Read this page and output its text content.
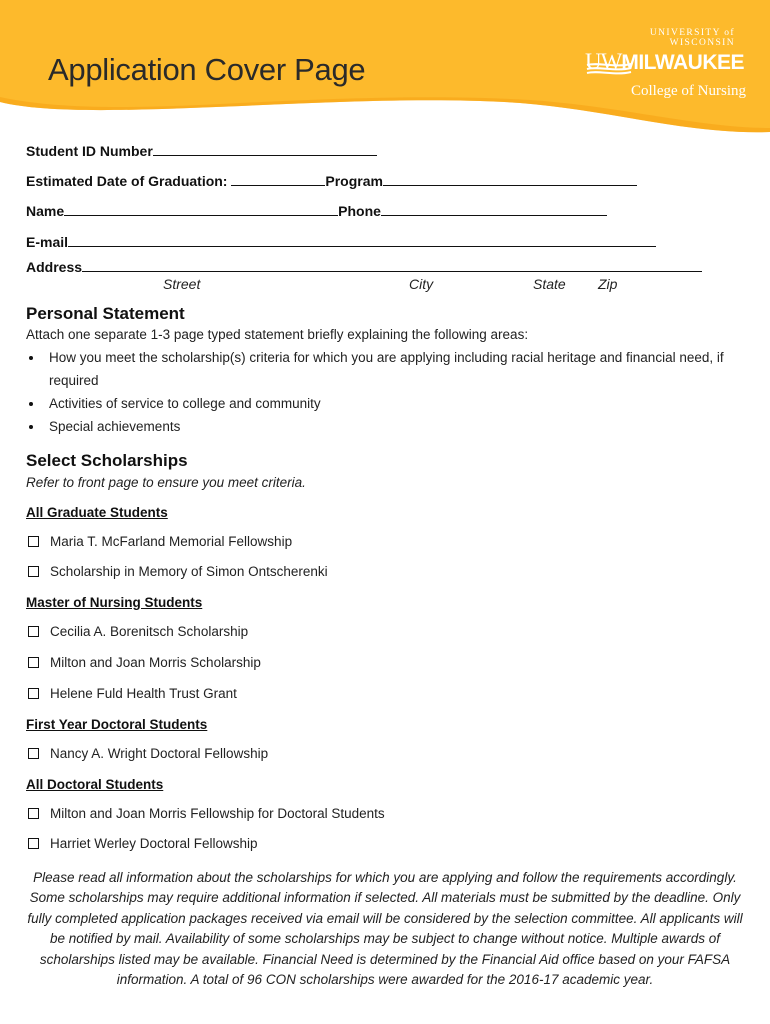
Application Cover Page
UNIVERSITY of WISCONSIN
UWMILWAUKEE
College of Nursing
Student ID Number
Estimated Date of Graduation:	Program
Name	Phone
E-mail
Address
Street	City	State Zip
Personal Statement
Attach one separate 1-3 page typed statement briefly explaining the following areas:
How you meet the scholarship(s) criteria for which you are applying including racial heritage and financial need, if required
Activities of service to college and community
Special achievements
Select Scholarships
Refer to front page to ensure you meet criteria.
All Graduate Students
Maria T. McFarland Memorial Fellowship
Scholarship in Memory of Simon Ontscherenki
Master of Nursing Students
Cecilia A. Borenitsch Scholarship
Milton and Joan Morris Scholarship
Helene Fuld Health Trust Grant
First Year Doctoral Students
Nancy A. Wright Doctoral Fellowship
All Doctoral Students
Milton and Joan Morris Fellowship for Doctoral Students
Harriet Werley Doctoral Fellowship
Please read all information about the scholarships for which you are applying and follow the requirements accordingly. Some scholarships may require additional information if selected. All materials must be submitted by the deadline. Only fully completed application packages received via email will be considered by the selection committee. All applicants will be notified by mail. Availability of some scholarships may be subject to change without notice. Multiple awards of scholarships listed may be available. Financial Need is determined by the Financial Aid office based on your FAFSA information. A total of 96 CON scholarships were awarded for the 2016-17 academic year.
